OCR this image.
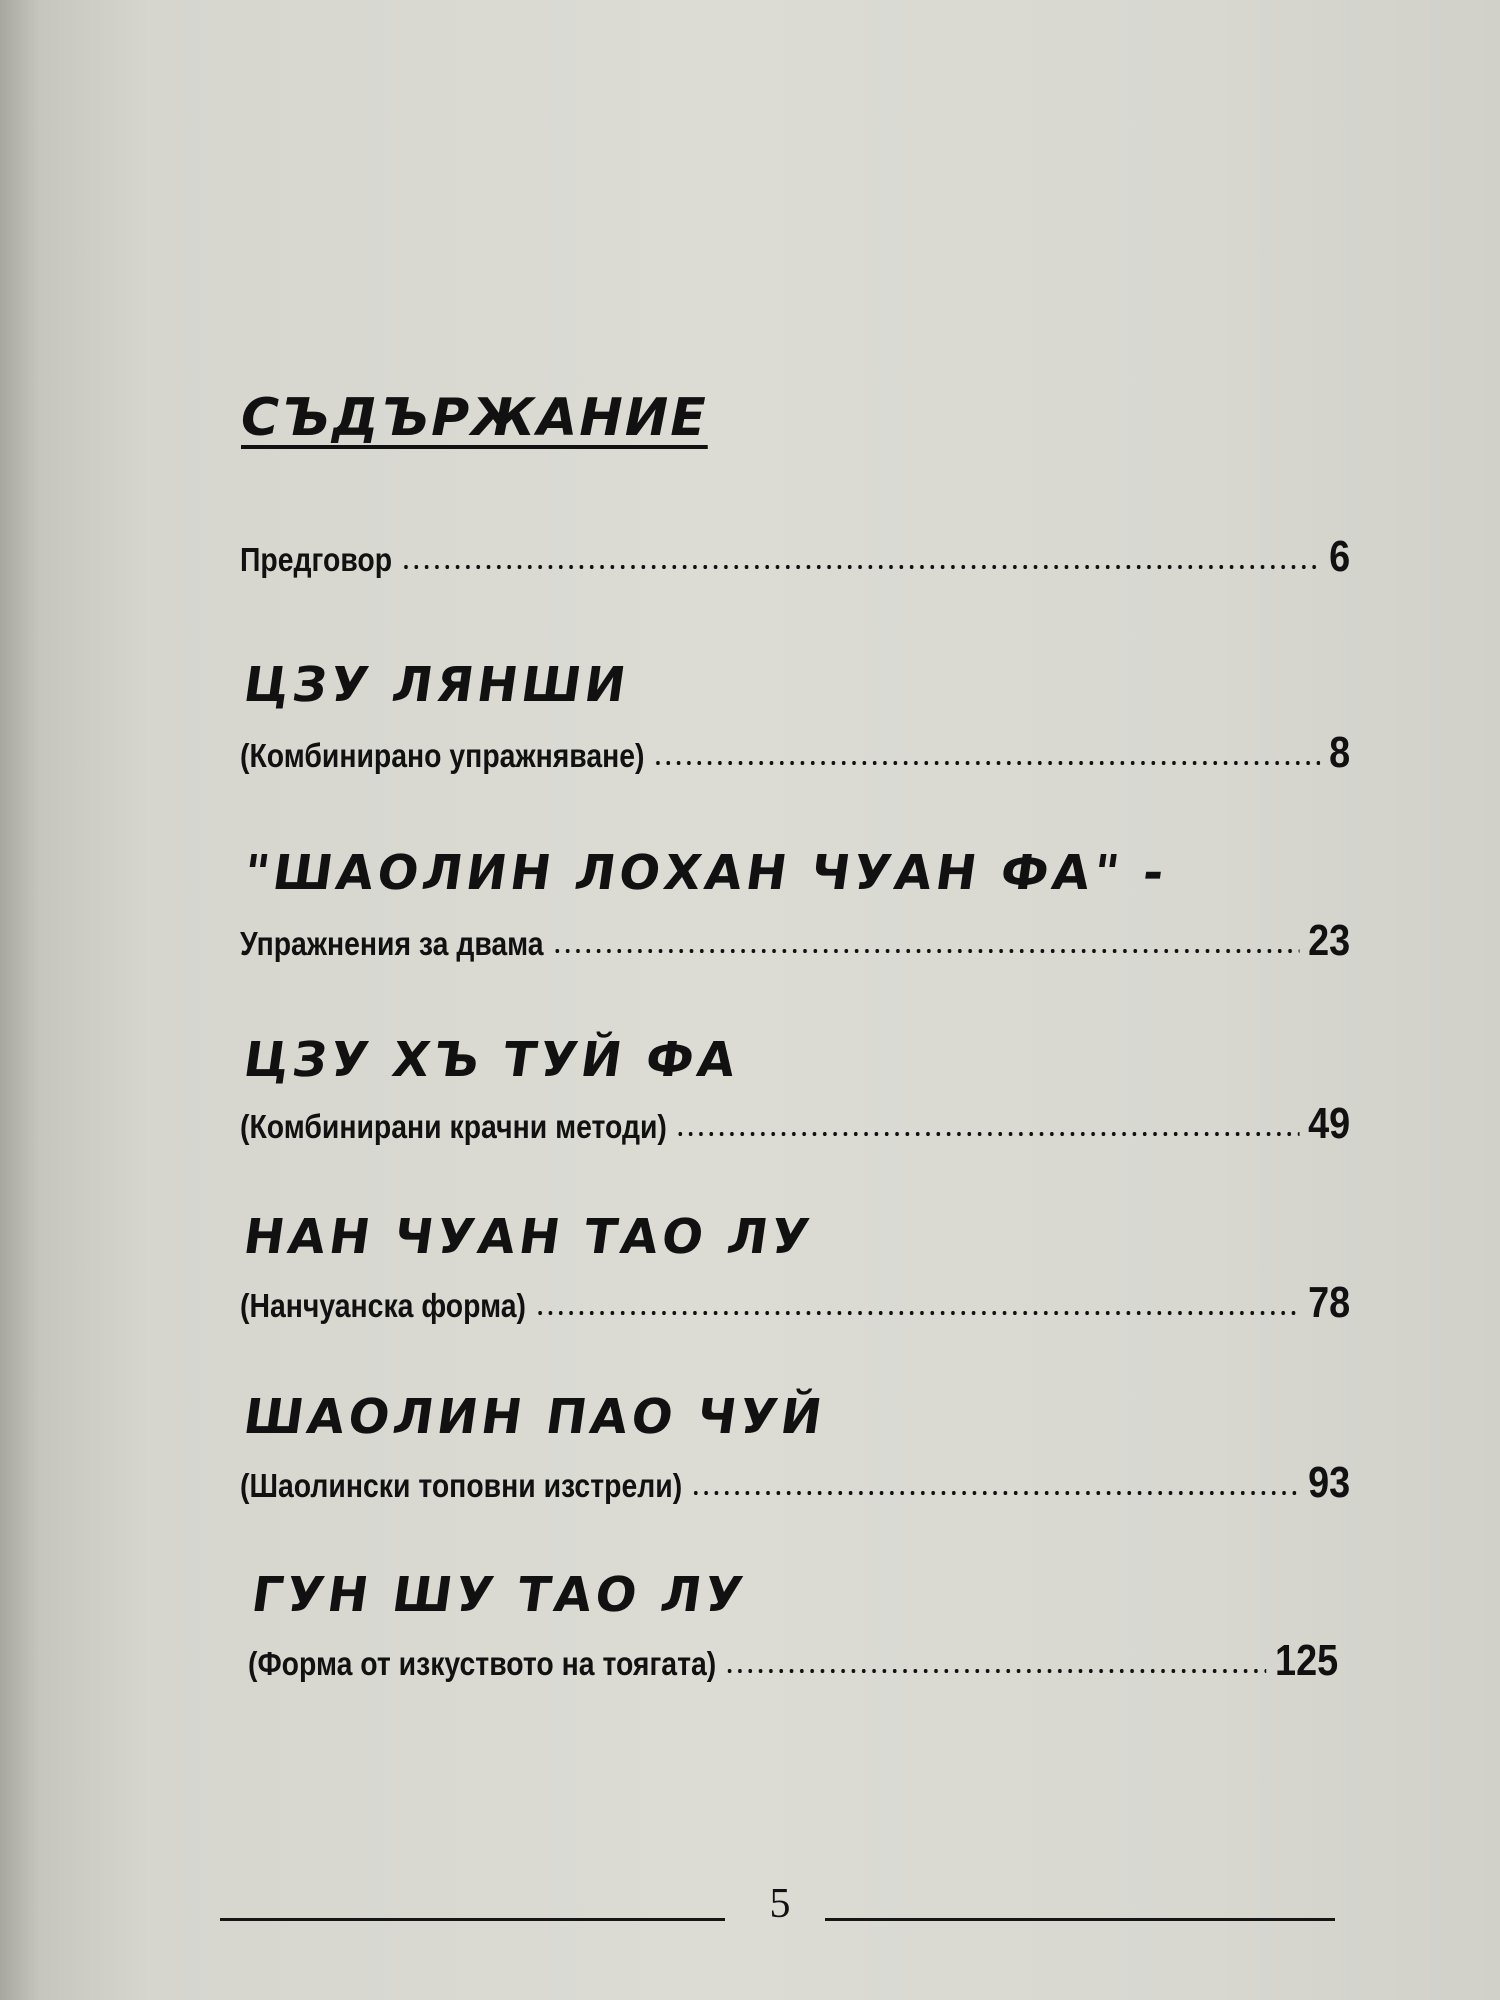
СЪДЪРЖАНИЕ
Предговор	6
ЦЗУ ЛЯНШИ
(Комбинирано упражняване)	8
"ШАОЛИН ЛОХАН ЧУАН ФА" -
Упражнения за двама	23
ЦЗУ ХЪ ТУЙ ФА
(Комбинирани крачни методи)	49
НАН ЧУАН ТАО ЛУ
(Нанчуанска форма)	78
ШАОЛИН ПАО ЧУЙ
(Шаолински топовни изстрели)	93
ГУН ШУ ТАО ЛУ
(Форма от изкуството на тоягата)	125
5
